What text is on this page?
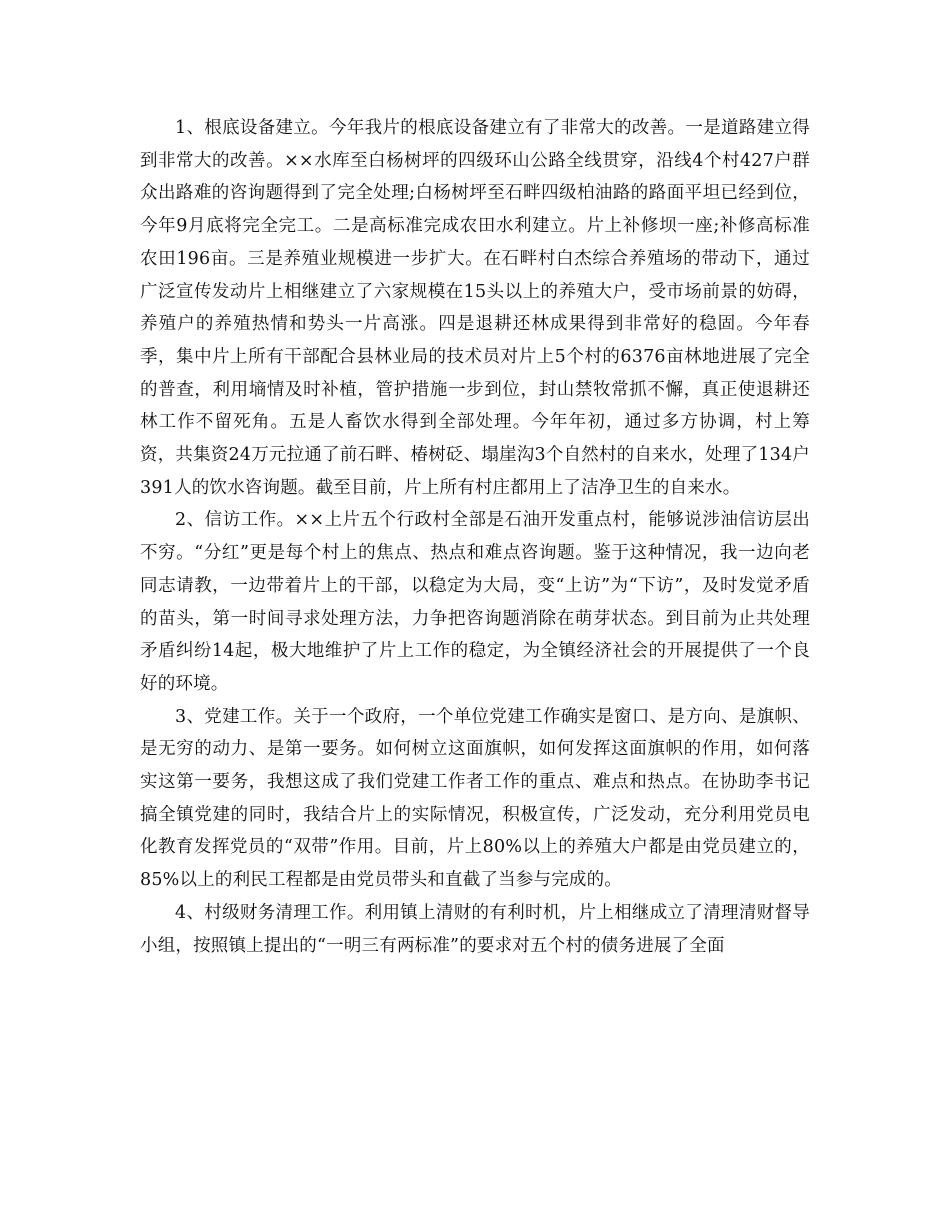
1、根底设备建立。今年我片的根底设备建立有了非常大的改善。一是道路建立得到非常大的改善。××水库至白杨树坪的四级环山公路全线贯穿，沿线4个村427户群众出路难的咨询题得到了完全处理;白杨树坪至石畔四级柏油路的路面平坦已经到位，今年9月底将完全完工。二是高标准完成农田水利建立。片上补修坝一座;补修高标准农田196亩。三是养殖业规模进一步扩大。在石畔村白杰综合养殖场的带动下，通过广泛宣传发动片上相继建立了六家规模在15头以上的养殖大户，受市场前景的妨碍，养殖户的养殖热情和势头一片高涨。四是退耕还林成果得到非常好的稳固。今年春季，集中片上所有干部配合县林业局的技术员对片上5个村的6376亩林地进展了完全的普查，利用墒情及时补植，管护措施一步到位，封山禁牧常抓不懈，真正使退耕还林工作不留死角。五是人畜饮水得到全部处理。今年年初，通过多方协调，村上筹资，共集资24万元拉通了前石畔、椿树砭、塌崖沟3个自然村的自来水，处理了134户391人的饮水咨询题。截至目前，片上所有村庄都用上了洁净卫生的自来水。

2、信访工作。××上片五个行政村全部是石油开发重点村，能够说涉油信访层出不穷。“分红”更是每个村上的焦点、热点和难点咨询题。鉴于这种情况，我一边向老同志请教，一边带着片上的干部，以稳定为大局，变“上访”为“下访”，及时发觉矛盾的苗头，第一时间寻求处理方法，力争把咨询题消除在萌芽状态。到目前为止共处理矛盾纠纷14起，极大地维护了片上工作的稳定，为全镇经济社会的开展提供了一个良好的环境。

3、党建工作。关于一个政府，一个单位党建工作确实是窗口、是方向、是旗帜、是无穷的动力、是第一要务。如何树立这面旗帜，如何发挥这面旗帜的作用，如何落实这第一要务，我想这成了我们党建工作者工作的重点、难点和热点。在协助李书记搞全镇党建的同时，我结合片上的实际情况，积极宣传，广泛发动，充分利用党员电化教育发挥党员的“双带”作用。目前，片上80%以上的养殖大户都是由党员建立的，85%以上的利民工程都是由党员带头和直截了当参与完成的。

4、村级财务清理工作。利用镇上清财的有利时机，片上相继成立了清理清财督导小组，按照镇上提出的“一明三有两标准”的要求对五个村的债务进展了全面
